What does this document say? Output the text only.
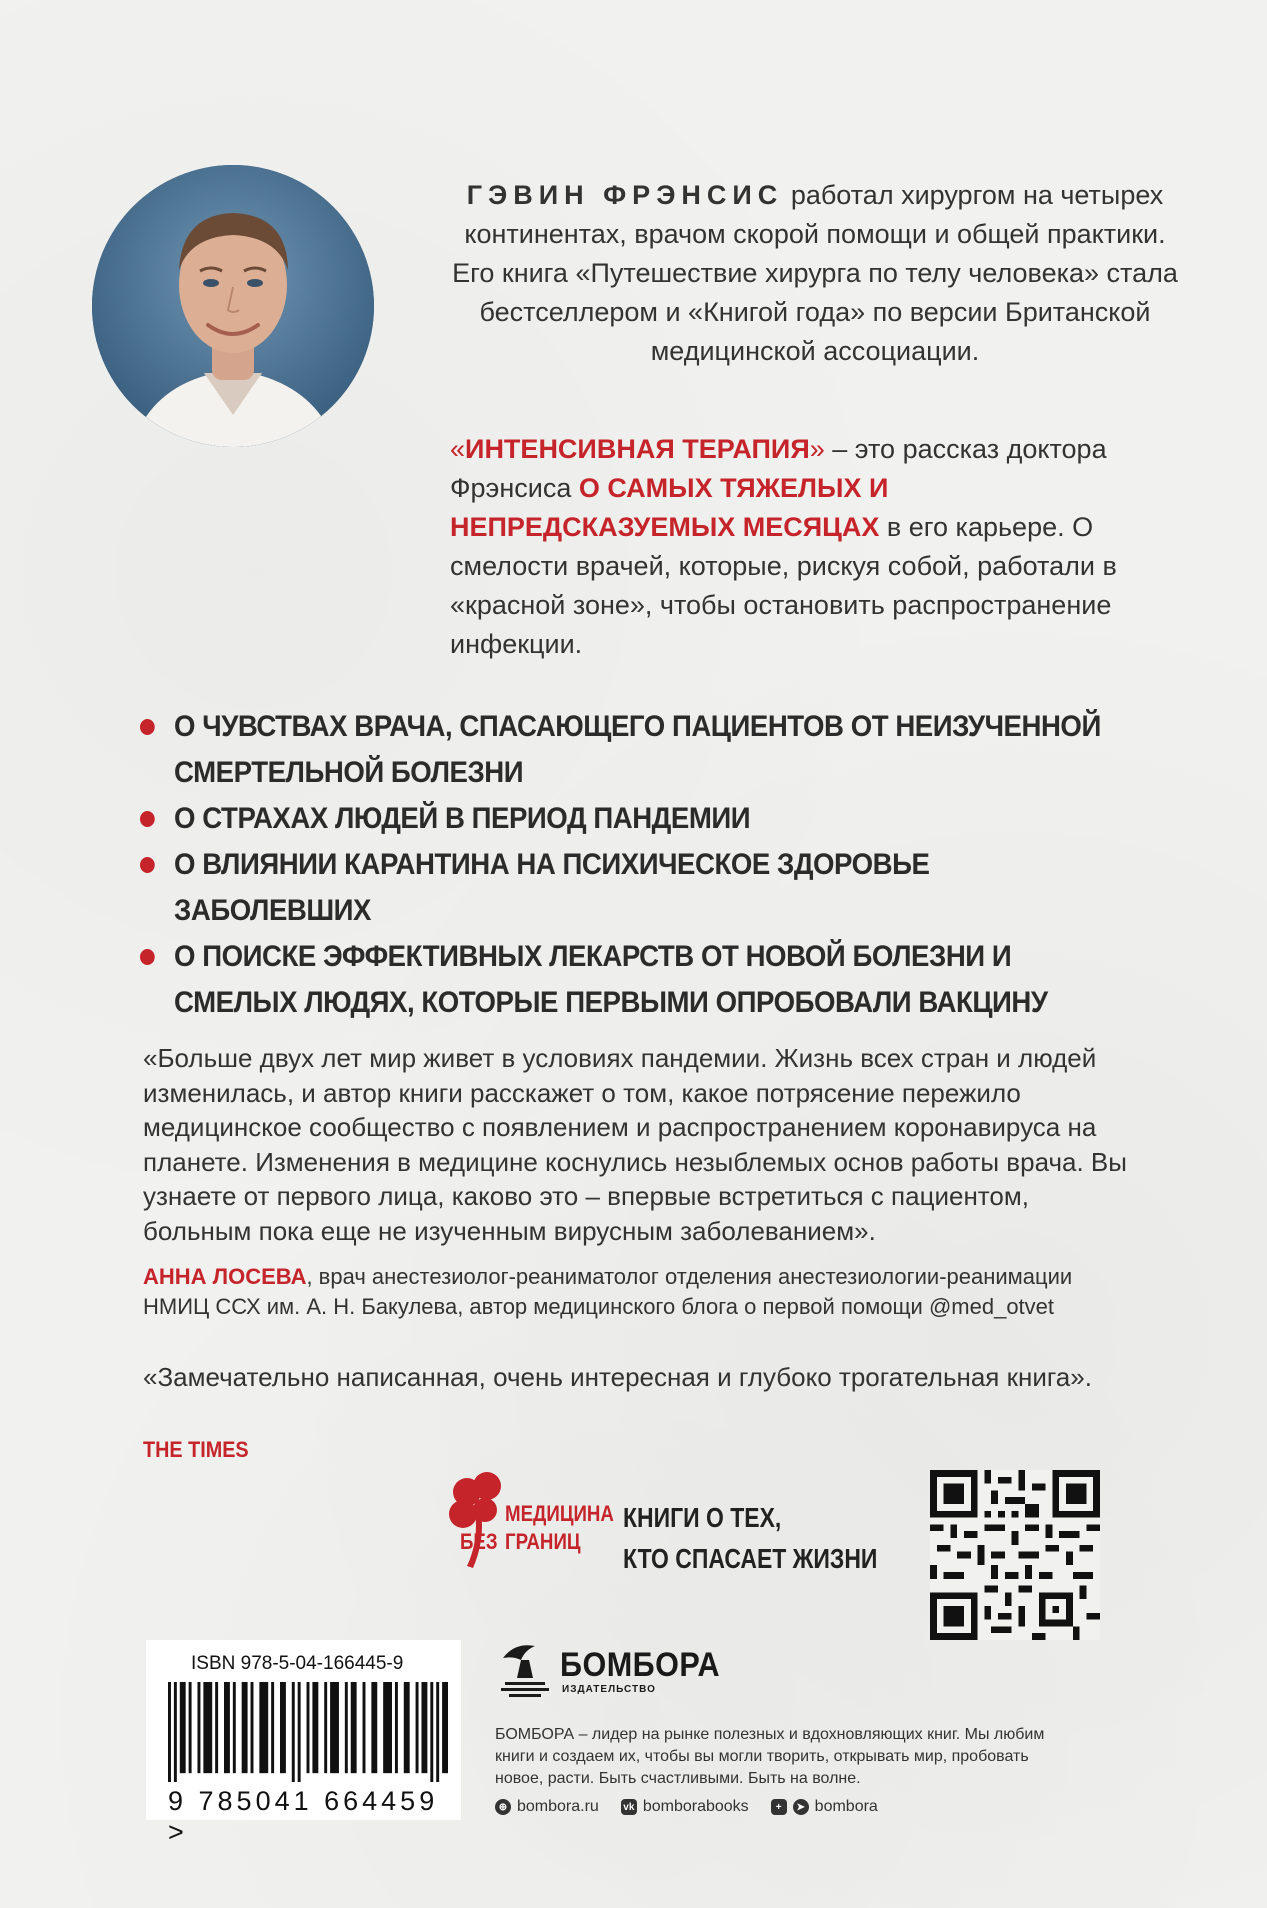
ГЭВИН ФРЭНСИС работал хирургом на четырех континентах, врачом скорой помощи и общей практики. Его книга «Путешествие хирурга по телу человека» стала бестселлером и «Книгой года» по версии Британской медицинской ассоциации.
«ИНТЕНСИВНАЯ ТЕРАПИЯ» – это рассказ доктора Фрэнсиса О САМЫХ ТЯЖЕЛЫХ И НЕПРЕДСКАЗУЕМЫХ МЕСЯЦАХ в его карьере. О смелости врачей, которые, рискуя собой, работали в «красной зоне», чтобы остановить распространение инфекции.
О ЧУВСТВАХ ВРАЧА, СПАСАЮЩЕГО ПАЦИЕНТОВ ОТ НЕИЗУЧЕННОЙ СМЕРТЕЛЬНОЙ БОЛЕЗНИ
О СТРАХАХ ЛЮДЕЙ В ПЕРИОД ПАНДЕМИИ
О ВЛИЯНИИ КАРАНТИНА НА ПСИХИЧЕСКОЕ ЗДОРОВЬЕ ЗАБОЛЕВШИХ
О ПОИСКЕ ЭФФЕКТИВНЫХ ЛЕКАРСТВ ОТ НОВОЙ БОЛЕЗНИ И СМЕЛЫХ ЛЮДЯХ, КОТОРЫЕ ПЕРВЫМИ ОПРОБОВАЛИ ВАКЦИНУ
«Больше двух лет мир живет в условиях пандемии. Жизнь всех стран и людей изменилась, и автор книги расскажет о том, какое потрясение пережило медицинское сообщество с появлением и распространением коронавируса на планете. Изменения в медицине коснулись незыблемых основ работы врача. Вы узнаете от первого лица, каково это – впервые встретиться с пациентом, больным пока еще не изученным вирусным заболеванием».
АННА ЛОСЕВА, врач анестезиолог-реаниматолог отделения анестезиологии-реанимации НМИЦ ССХ им. А. Н. Бакулева, автор медицинского блога о первой помощи @med_otvet
«Замечательно написанная, очень интересная и глубоко трогательная книга».
THE TIMES
МЕДИЦИНА
ГРАНИЦ
БЕЗ
КНИГИ О ТЕХ,
КТО СПАСАЕТ ЖИЗНИ
ISBN 978-5-04-166445-9
9 785041 664459 >
БОМБОРА
ИЗДАТЕЛЬСТВО
БОМБОРА – лидер на рынке полезных и вдохновляющих книг. Мы любим книги и создаем их, чтобы вы могли творить, открывать мир, пробовать новое, расти. Быть счастливыми. Быть на волне.
⊕ bombora.ru vk bomborabooks	+	➤ bombora
